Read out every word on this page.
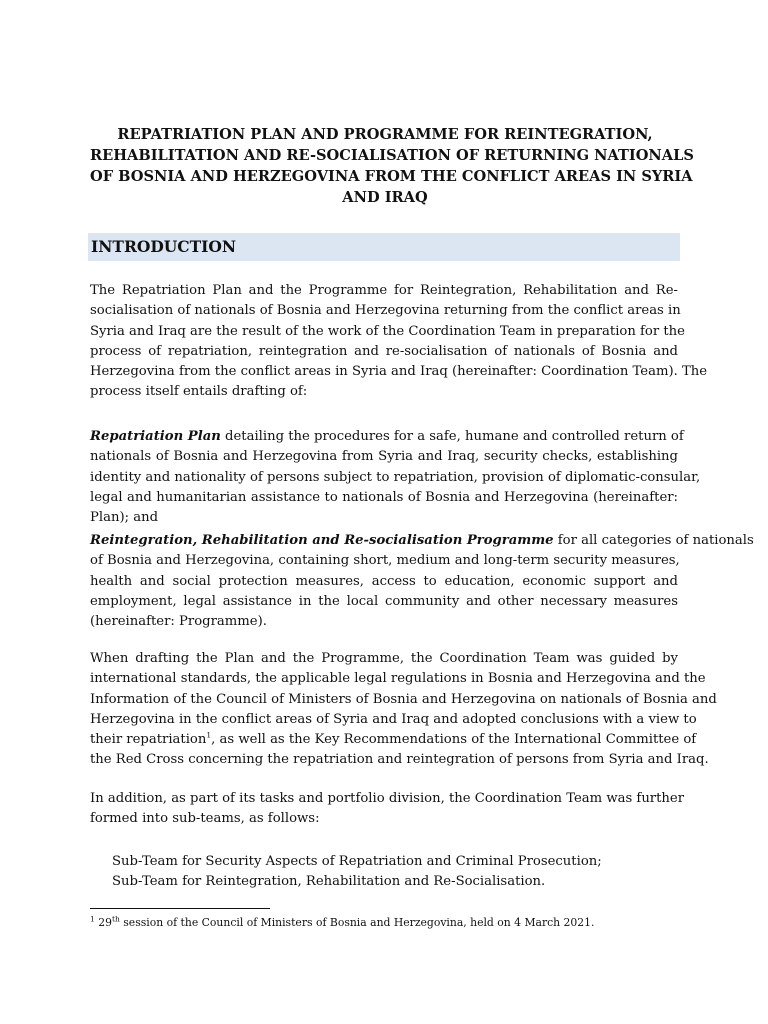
REPATRIATION PLAN AND PROGRAMME FOR REINTEGRATION,
REHABILITATION AND RE-SOCIALISATION OF RETURNING NATIONALS
OF BOSNIA AND HERZEGOVINA FROM THE CONFLICT AREAS IN SYRIA
AND IRAQ
INTRODUCTION
The Repatriation Plan and the Programme for Reintegration, Rehabilitation and Re-
socialisation of nationals of Bosnia and Herzegovina returning from the conflict areas in
Syria and Iraq are the result of the work of the Coordination Team in preparation for the
process of repatriation, reintegration and re-socialisation of nationals of Bosnia and
Herzegovina from the conflict areas in Syria and Iraq (hereinafter: Coordination Team). The
process itself entails drafting of:
Repatriation Plan detailing the procedures for a safe, humane and controlled return of
nationals of Bosnia and Herzegovina from Syria and Iraq, security checks, establishing
identity and nationality of persons subject to repatriation, provision of diplomatic-consular,
legal and humanitarian assistance to nationals of Bosnia and Herzegovina (hereinafter:
Plan); and
Reintegration, Rehabilitation and Re-socialisation Programme for all categories of nationals
of Bosnia and Herzegovina, containing short, medium and long-term security measures,
health and social protection measures, access to education, economic support and
employment, legal assistance in the local community and other necessary measures
(hereinafter: Programme).
When drafting the Plan and the Programme, the Coordination Team was guided by
international standards, the applicable legal regulations in Bosnia and Herzegovina and the
Information of the Council of Ministers of Bosnia and Herzegovina on nationals of Bosnia and
Herzegovina in the conflict areas of Syria and Iraq and adopted conclusions with a view to
their repatriation$^1$, as well as the Key Recommendations of the International Committee of
the Red Cross concerning the repatriation and reintegration of persons from Syria and Iraq.
In addition, as part of its tasks and portfolio division, the Coordination Team was further
formed into sub-teams, as follows:
Sub-Team for Security Aspects of Repatriation and Criminal Prosecution;
Sub-Team for Reintegration, Rehabilitation and Re-Socialisation.
$^1$ 29th session of the Council of Ministers of Bosnia and Herzegovina, held on 4 March 2021.
